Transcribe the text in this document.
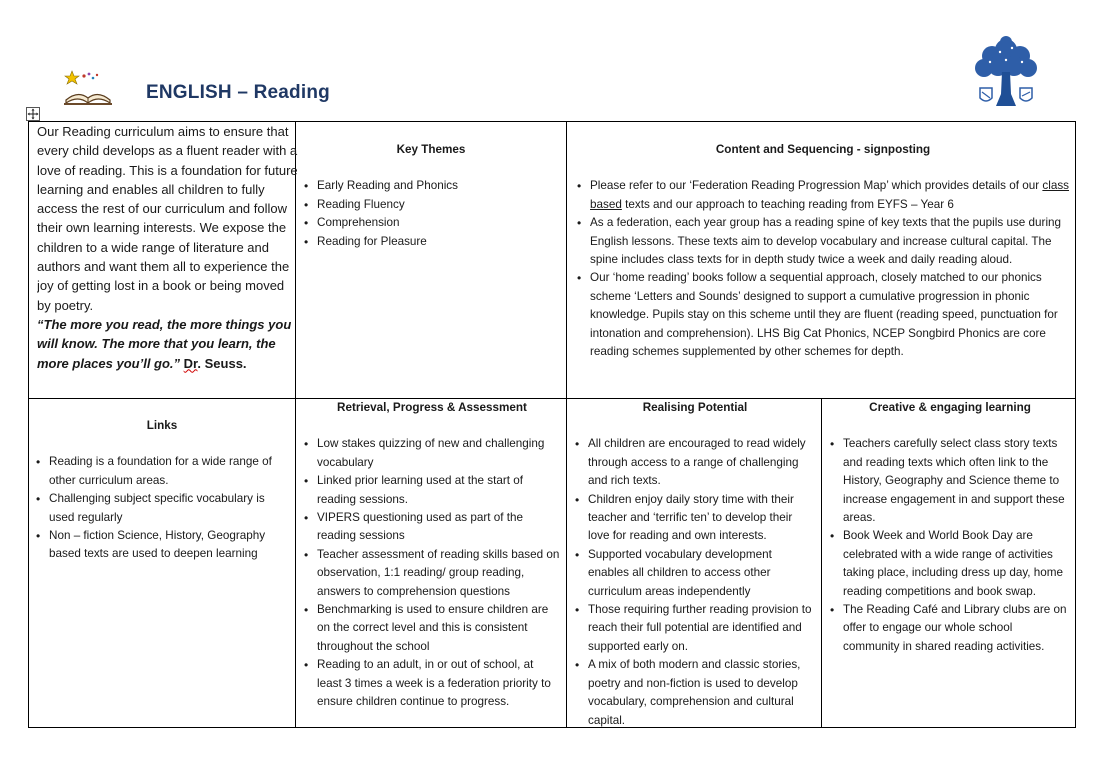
ENGLISH – Reading
Our Reading curriculum aims to ensure that every child develops as a fluent reader with a love of reading. This is a foundation for future learning and enables all children to fully access the rest of our curriculum and follow their own learning interests. We expose the children to a wide range of literature and authors and want them all to experience the joy of getting lost in a book or being moved by poetry.
“The more you read, the more things you will know. The more that you learn, the more places you’ll go.” Dr. Seuss.
Key Themes
• Early Reading and Phonics
• Reading Fluency
• Comprehension
• Reading for Pleasure
Content and Sequencing - signposting
• Please refer to our ‘Federation Reading Progression Map’ which provides details of our class based texts and our approach to teaching reading from EYFS – Year 6
• As a federation, each year group has a reading spine of key texts that the pupils use during English lessons. These texts aim to develop vocabulary and increase cultural capital. The spine includes class texts for in depth study twice a week and daily reading aloud.
• Our ‘home reading’ books follow a sequential approach, closely matched to our phonics scheme ‘Letters and Sounds’ designed to support a cumulative progression in phonic knowledge. Pupils stay on this scheme until they are fluent (reading speed, punctuation for intonation and comprehension). LHS Big Cat Phonics, NCEP Songbird Phonics are core reading schemes supplemented by other schemes for depth.
Links
• Reading is a foundation for a wide range of other curriculum areas.
• Challenging subject specific vocabulary is used regularly
• Non – fiction Science, History, Geography based texts are used to deepen learning
Retrieval, Progress & Assessment
• Low stakes quizzing of new and challenging vocabulary
• Linked prior learning used at the start of reading sessions.
• VIPERS questioning used as part of the reading sessions
• Teacher assessment of reading skills based on observation, 1:1 reading/ group reading, answers to comprehension questions
• Benchmarking is used to ensure children are on the correct level and this is consistent throughout the school
• Reading to an adult, in or out of school, at least 3 times a week is a federation priority to ensure children continue to progress.
Realising Potential
• All children are encouraged to read widely through access to a range of challenging and rich texts.
• Children enjoy daily story time with their teacher and ‘terrific ten’ to develop their love for reading and own interests.
• Supported vocabulary development enables all children to access other curriculum areas independently
• Those requiring further reading provision to reach their full potential are identified and supported early on.
• A mix of both modern and classic stories, poetry and non-fiction is used to develop vocabulary, comprehension and cultural capital.
Creative & engaging learning
• Teachers carefully select class story texts and reading texts which often link to the History, Geography and Science theme to increase engagement in and support these areas.
• Book Week and World Book Day are celebrated with a wide range of activities taking place, including dress up day, home reading competitions and book swap.
• The Reading Café and Library clubs are on offer to engage our whole school community in shared reading activities.
